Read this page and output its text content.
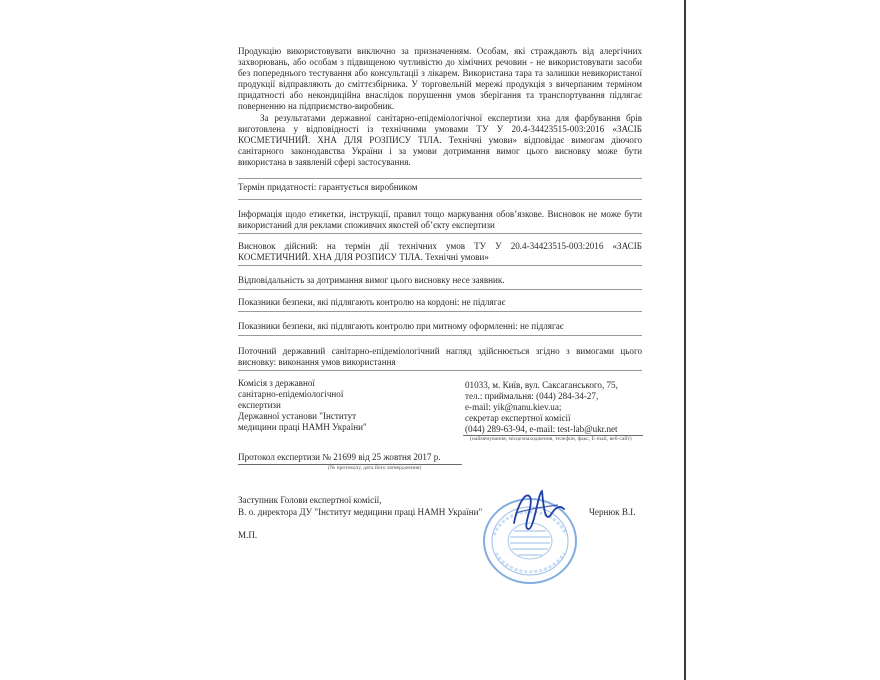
Продукцію використовувати виключно за призначенням. Особам, які страждають від алергічних захворювань, або особам з підвищеною чутливістю до хімічних речовин - не використовувати засоби без попереднього тестування або консультації з лікарем. Використана тара та залишки невикористаної продукції відправляють до сміттєзбірника. У торговельній мережі продукція з вичерпаним терміном придатності або некондиційна внаслідок порушення умов зберігання та транспортування підлягає поверненню на підприємство-виробник.

За результатами державної санітарно-епідеміологічної експертизи хна для фарбування брів виготовлена у відповідності із технічними умовами ТУ У 20.4-34423515-003:2016 «ЗАСІБ КОСМЕТИЧНИЙ. ХНА ДЛЯ РОЗПИСУ ТІЛА. Технічні умови» відповідає вимогам діючого санітарного законодавства України і за умови дотримання вимог цього висновку може бути використана в заявленій сфері застосування.

Термін придатності: гарантується виробником

Інформація щодо етикетки, інструкції, правил тощо маркування обов’язкове. Висновок не може бути використаний для реклами споживчих якостей об’єкту експертизи

Висновок дійсний: на термін дії технічних умов ТУ У 20.4-34423515-003:2016 «ЗАСІБ КОСМЕТИЧНИЙ. ХНА ДЛЯ РОЗПИСУ ТІЛА. Технічні умови»

Відповідальність за дотримання вимог цього висновку несе заявник.

Показники безпеки, які підлягають контролю на кордоні: не підлягає

Показники безпеки, які підлягають контролю при митному оформленні: не підлягає

Поточний державний санітарно-епідеміологічний нагляд здійснюється згідно з вимогами цього висновку: виконання умов використання

Комісія з державної
санітарно-епідеміологічної
експертизи
Державної установи "Інститут
медицини праці НАМН України"
01033, м. Київ, вул. Саксаганського, 75,
тел.: приймальня: (044) 284-34-27,
e-mail: yik@nanu.kiev.ua;
секретар експертної комісії
(044) 289-63-94, e-mail: test-lab@ukr.net
(найменування, місцезнаходження, телефон, факс, E-mail, веб-сайт)
Протокол експертизи № 21699 від 25 жовтня 2017 р.
(№ протоколу, дата його затвердження)
Заступник Голови експертної комісії,
В. о. директора ДУ "Інститут медицини праці НАМН України"	Чернюк В.І.
М.П.
